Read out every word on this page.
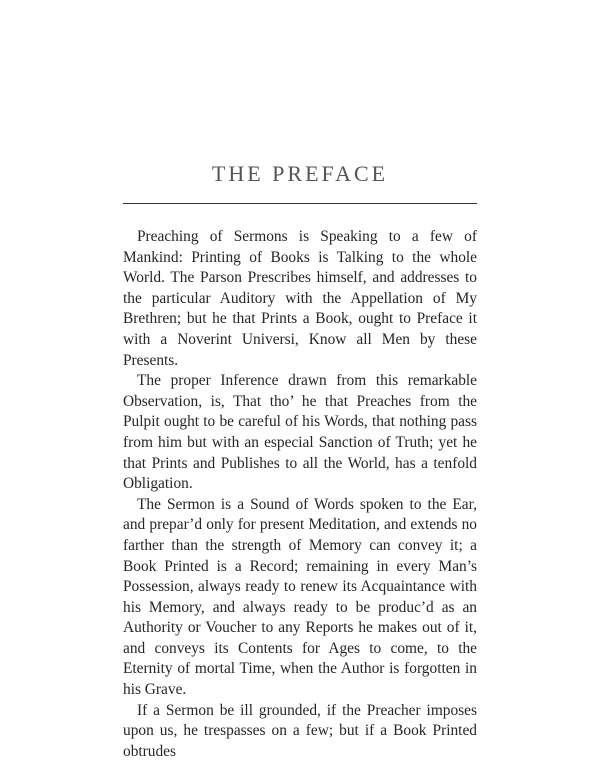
THE PREFACE

Preaching of Sermons is Speaking to a few of Mankind: Printing of Books is Talking to the whole World. The Parson Prescribes himself, and addresses to the particular Auditory with the Appellation of My Brethren; but he that Prints a Book, ought to Preface it with a Noverint Universi, Know all Men by these Presents.

The proper Inference drawn from this remarkable Observation, is, That tho’ he that Preaches from the Pulpit ought to be careful of his Words, that nothing pass from him but with an especial Sanction of Truth; yet he that Prints and Publishes to all the World, has a tenfold Obligation.

The Sermon is a Sound of Words spoken to the Ear, and prepar’d only for present Meditation, and extends no farther than the strength of Memory can convey it; a Book Printed is a Record; remaining in every Man’s Possession, always ready to renew its Acquaintance with his Memory, and always ready to be produc’d as an Authority or Voucher to any Reports he makes out of it, and conveys its Contents for Ages to come, to the Eternity of mortal Time, when the Author is forgotten in his Grave.

If a Sermon be ill grounded, if the Preacher imposes upon us, he trespasses on a few; but if a Book Printed obtrudes
